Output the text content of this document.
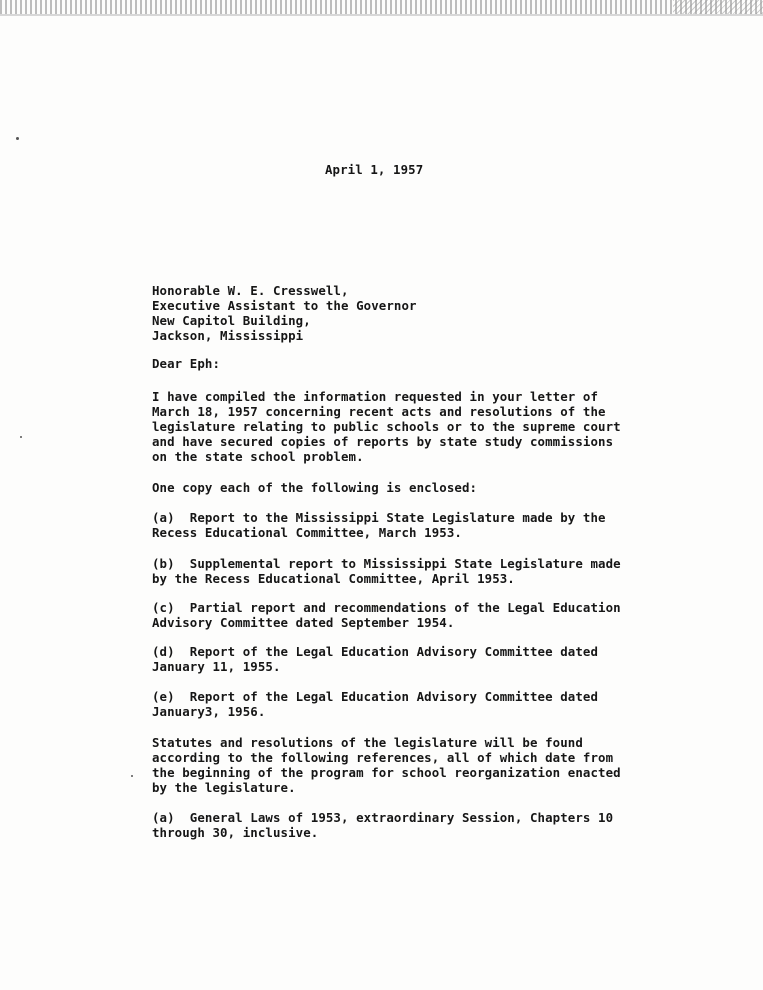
April 1, 1957
Honorable W. E. Cresswell,
Executive Assistant to the Governor
New Capitol Building,
Jackson, Mississippi
Dear Eph:
I have compiled the information requested in your letter of
March 18, 1957 concerning recent acts and resolutions of the
legislature relating to public schools or to the supreme court
and have secured copies of reports by state study commissions
on the state school problem.
One copy each of the following is enclosed:
(a)  Report to the Mississippi State Legislature made by the
Recess Educational Committee, March 1953.
(b)  Supplemental report to Mississippi State Legislature made
by the Recess Educational Committee, April 1953.
(c)  Partial report and recommendations of the Legal Education
Advisory Committee dated September 1954.
(d)  Report of the Legal Education Advisory Committee dated
January 11, 1955.
(e)  Report of the Legal Education Advisory Committee dated
January3, 1956.
Statutes and resolutions of the legislature will be found
according to the following references, all of which date from
the beginning of the program for school reorganization enacted
by the legislature.
(a)  General Laws of 1953, extraordinary Session, Chapters 10
through 30, inclusive.
